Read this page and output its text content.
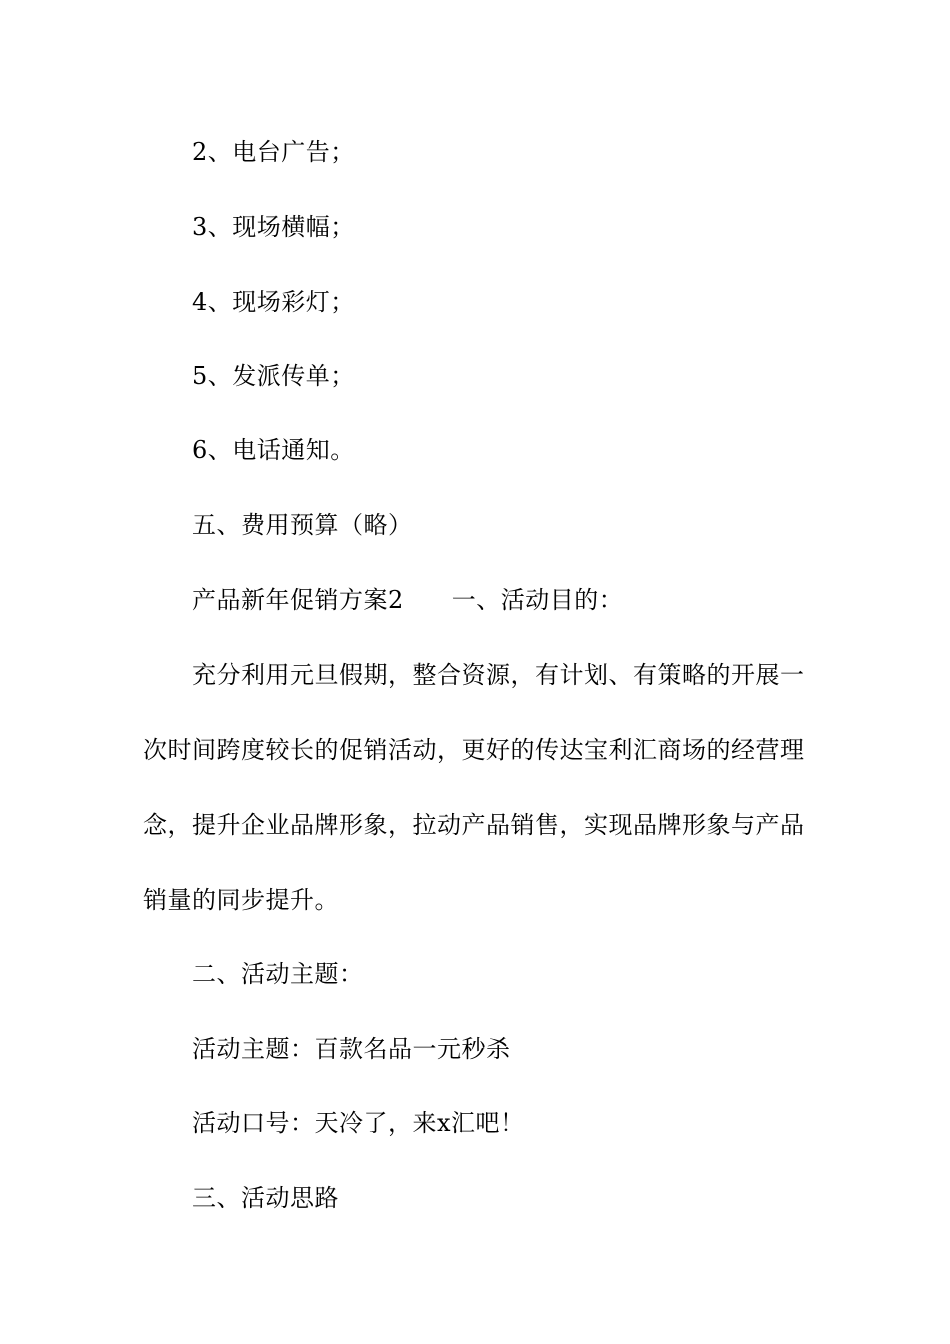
2、电台广告；
3、现场横幅；
4、现场彩灯；
5、发派传单；
6、电话通知。
五、费用预算（略）
产品新年促销方案2 一、活动目的：
充分利用元旦假期，整合资源，有计划、有策略的开展一
次时间跨度较长的促销活动，更好的传达宝利汇商场的经营理
念，提升企业品牌形象，拉动产品销售，实现品牌形象与产品
销量的同步提升。
二、活动主题：
活动主题：百款名品一元秒杀
活动口号：天冷了，来x汇吧！
三、活动思路
